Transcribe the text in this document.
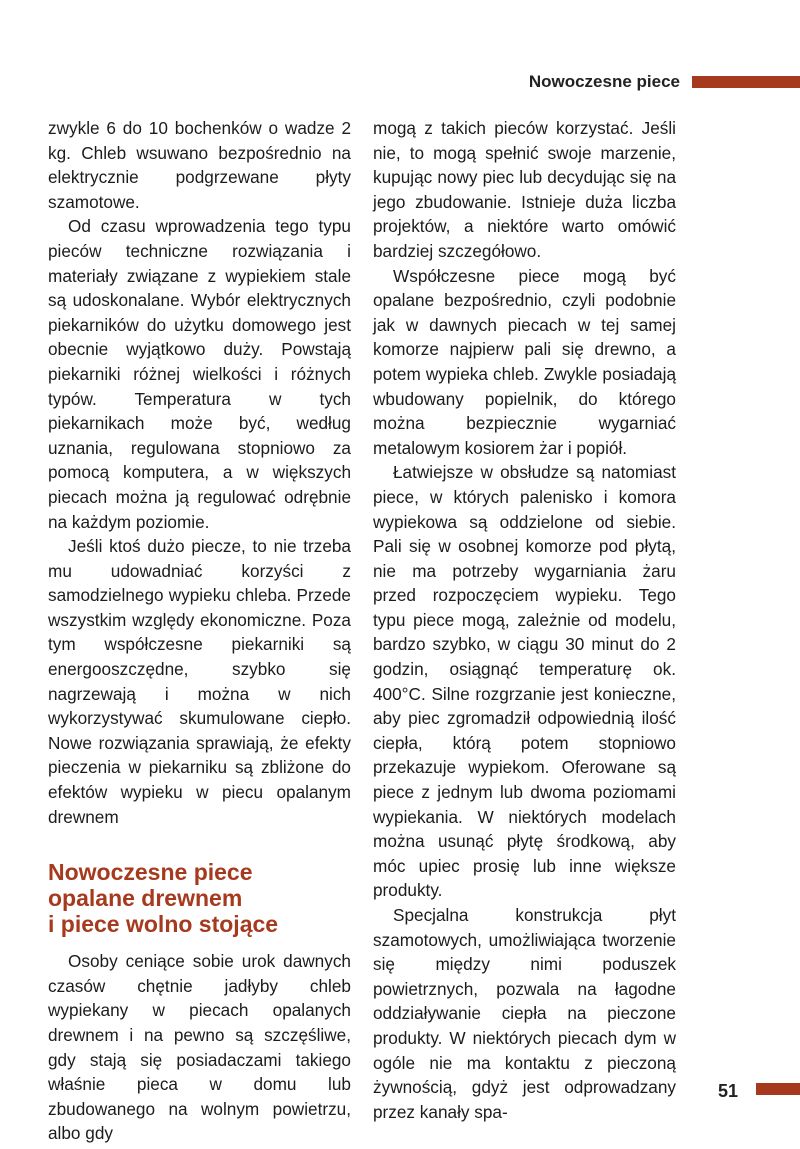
Nowoczesne piece

zwykle 6 do 10 bochenków o wadze 2 kg. Chleb wsuwano bezpośrednio na elektrycznie podgrzewane płyty szamotowe.

Od czasu wprowadzenia tego typu pieców techniczne rozwiązania i materiały związane z wypiekiem stale są udoskonalane. Wybór elektrycznych piekarników do użytku domowego jest obecnie wyjątkowo duży. Powstają piekarniki różnej wielkości i różnych typów. Temperatura w tych piekarnikach może być, według uznania, regulowana stopniowo za pomocą komputera, a w większych piecach można ją regulować odrębnie na każdym poziomie.

Jeśli ktoś dużo piecze, to nie trzeba mu udowadniać korzyści z samodzielnego wypieku chleba. Przede wszystkim względy ekonomiczne. Poza tym współczesne piekarniki są energooszczędne, szybko się nagrzewają i można w nich wykorzystywać skumulowane ciepło. Nowe rozwiązania sprawiają, że efekty pieczenia w piekarniku są zbliżone do efektów wypieku w piecu opalanym drewnem

Nowoczesne piece
opalane drewnem
i piece wolno stojące

Osoby ceniące sobie urok dawnych czasów chętnie jadłyby chleb wypiekany w piecach opalanych drewnem i na pewno są szczęśliwe, gdy stają się posiadaczami takiego właśnie pieca w domu lub zbudowanego na wolnym powietrzu, albo gdy

mogą z takich pieców korzystać. Jeśli nie, to mogą spełnić swoje marzenie, kupując nowy piec lub decydując się na jego zbudowanie. Istnieje duża liczba projektów, a niektóre warto omówić bardziej szczegółowo.

Współczesne piece mogą być opalane bezpośrednio, czyli podobnie jak w dawnych piecach w tej samej komorze najpierw pali się drewno, a potem wypieka chleb. Zwykle posiadają wbudowany popielnik, do którego można bezpiecznie wygarniać metalowym kosiorem żar i popiół.

Łatwiejsze w obsłudze są natomiast piece, w których palenisko i komora wypiekowa są oddzielone od siebie. Pali się w osobnej komorze pod płytą, nie ma potrzeby wygarniania żaru przed rozpoczęciem wypieku. Tego typu piece mogą, zależnie od modelu, bardzo szybko, w ciągu 30 minut do 2 godzin, osiągnąć temperaturę ok. 400°C. Silne rozgrzanie jest konieczne, aby piec zgromadził odpowiednią ilość ciepła, którą potem stopniowo przekazuje wypiekom. Oferowane są piece z jednym lub dwoma poziomami wypiekania. W niektórych modelach można usunąć płytę środkową, aby móc upiec prosię lub inne większe produkty.

Specjalna konstrukcja płyt szamotowych, umożliwiająca tworzenie się między nimi poduszek powietrznych, pozwala na łagodne oddziaływanie ciepła na pieczone produkty. W niektórych piecach dym w ogóle nie ma kontaktu z pieczoną żywnością, gdyż jest odprowadzany przez kanały spa-

51
